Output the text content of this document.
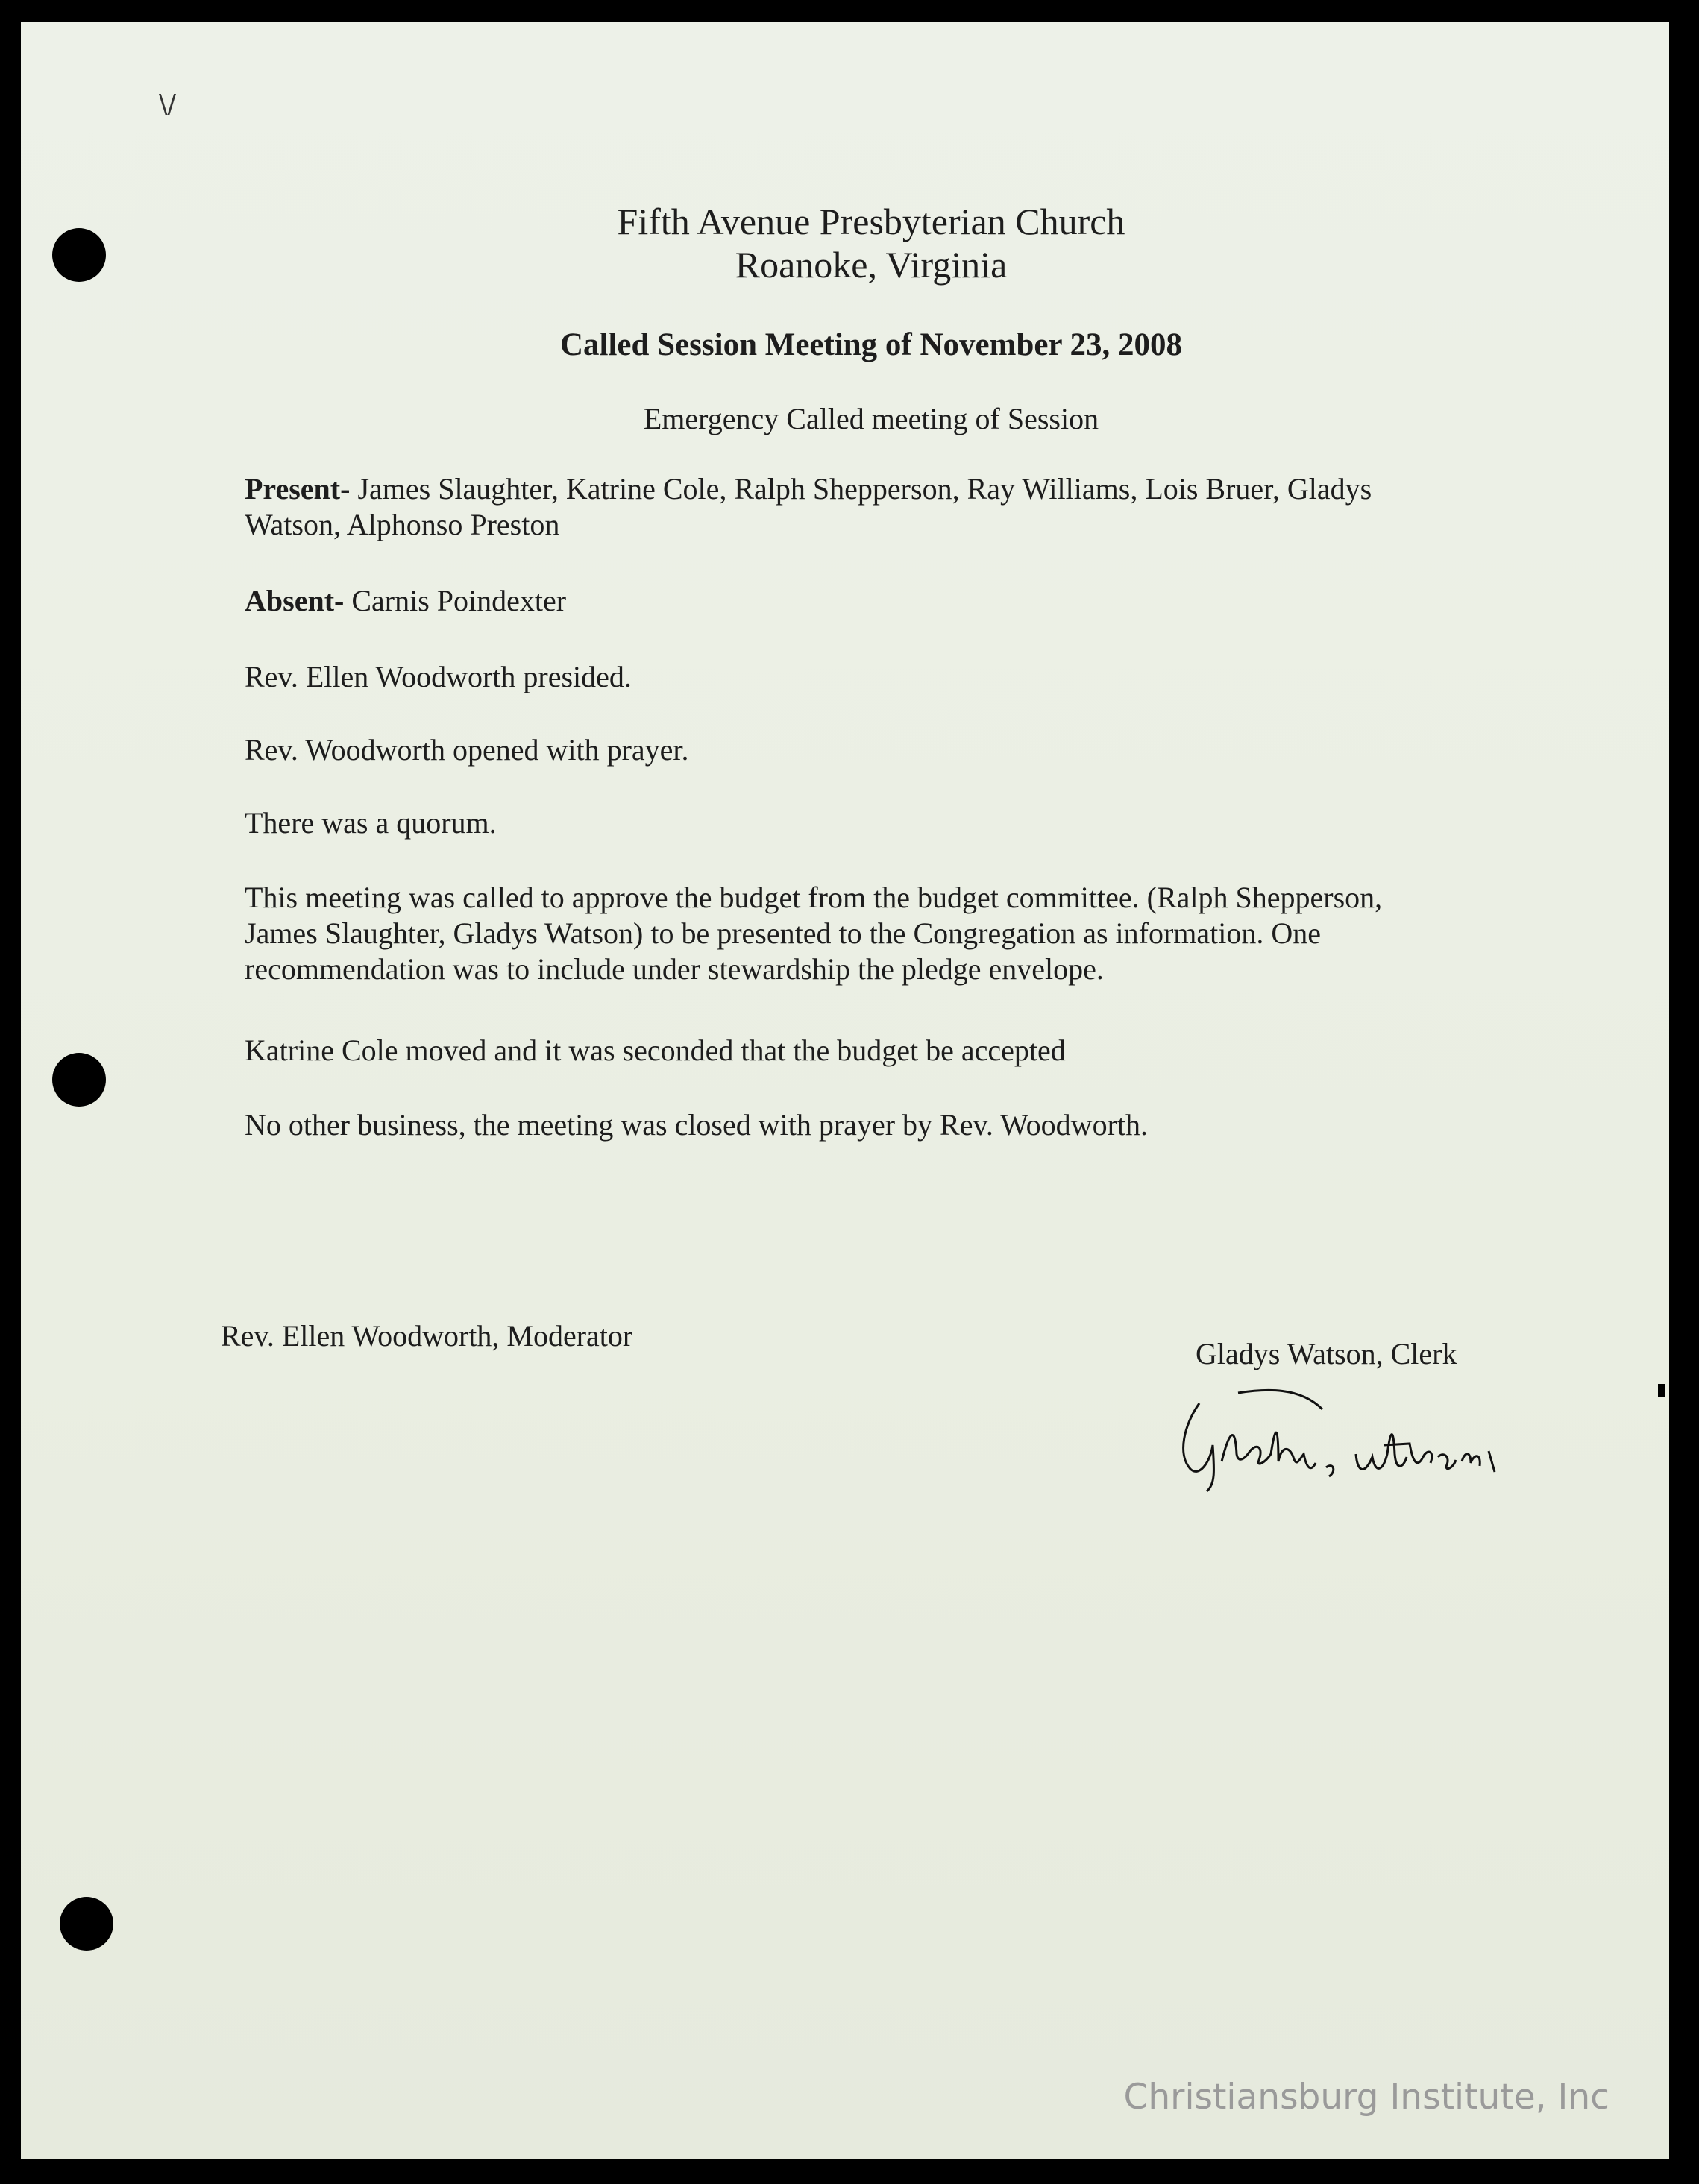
\/
Fifth Avenue Presbyterian Church
Roanoke, Virginia
Called Session Meeting of November 23, 2008
Emergency Called meeting of Session
Present- James Slaughter, Katrine Cole, Ralph Shepperson, Ray Williams, Lois Bruer, Gladys
Watson, Alphonso Preston
Absent- Carnis Poindexter
Rev. Ellen Woodworth presided.
Rev. Woodworth opened with prayer.
There was a quorum.
This meeting was called to approve the budget from the budget committee. (Ralph Shepperson,
James Slaughter, Gladys Watson) to be presented to the Congregation as information. One
recommendation was to include under stewardship the pledge envelope.
Katrine Cole moved and it was seconded that the budget be accepted
No other business, the meeting was closed with prayer by Rev. Woodworth.
Rev. Ellen Woodworth, Moderator
Gladys Watson, Clerk
Christiansburg Institute, Inc
